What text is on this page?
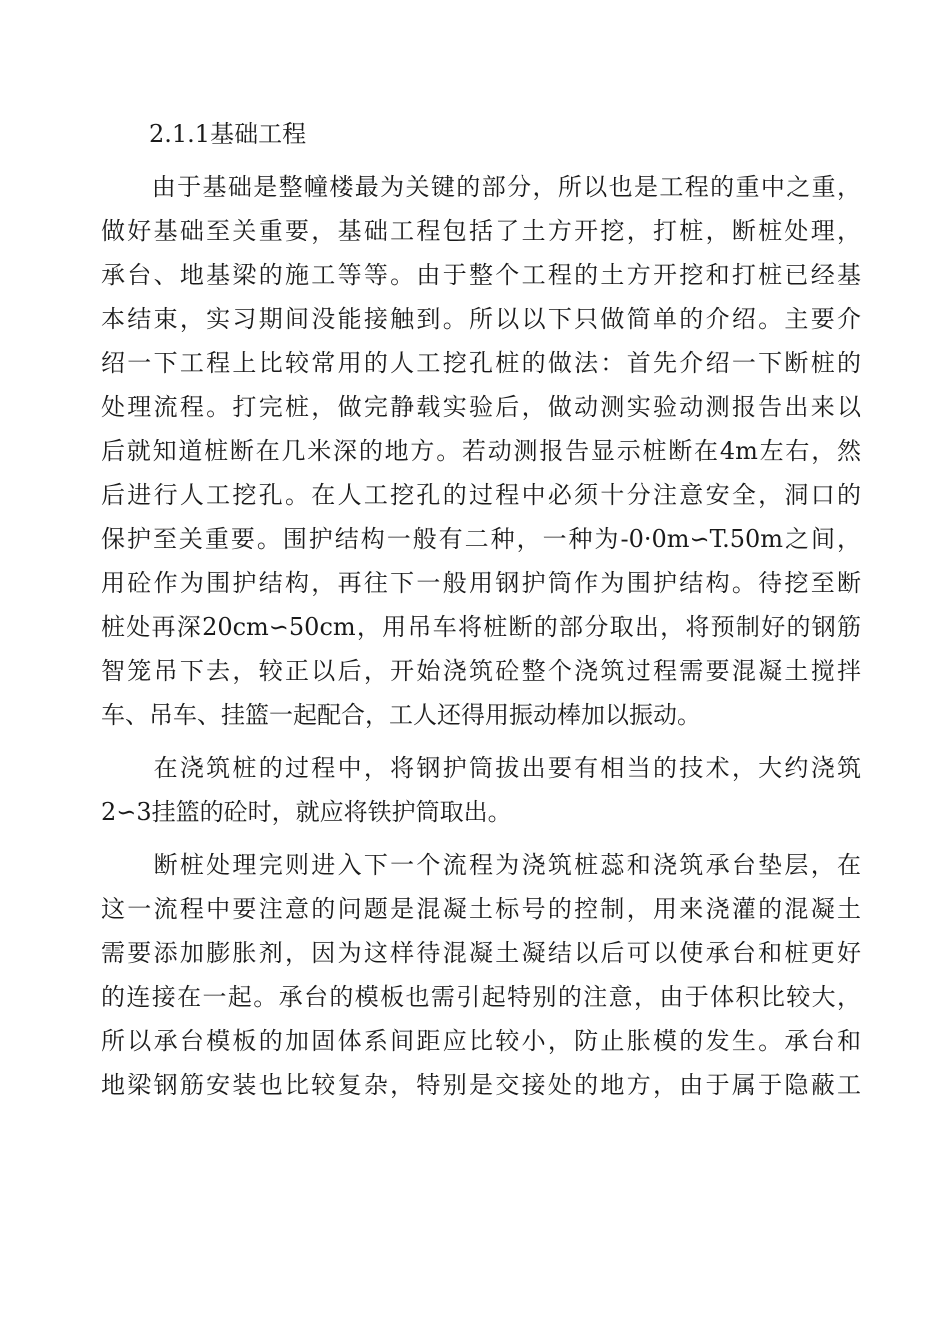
2.1.1基础工程
　　由于基础是整幢楼最为关键的部分，所以也是工程的重中之重，
做好基础至关重要，基础工程包括了土方开挖，打桩，断桩处理，
承台、地基梁的施工等等。由于整个工程的土方开挖和打桩已经基
本结束，实习期间没能接触到。所以以下只做简单的介绍。主要介
绍一下工程上比较常用的人工挖孔桩的做法：首先介绍一下断桩的
处理流程。打完桩，做完静载实验后，做动测实验动测报告出来以
后就知道桩断在几米深的地方。若动测报告显示桩断在4m左右，然
后进行人工挖孔。在人工挖孔的过程中必须十分注意安全，洞口的
保护至关重要。围护结构一般有二种，一种为-0·0m∽T.50m之间，
用砼作为围护结构，再往下一般用钢护筒作为围护结构。待挖至断
桩处再深20cm∽50cm，用吊车将桩断的部分取出，将预制好的钢筋
智笼吊下去，较正以后，开始浇筑砼整个浇筑过程需要混凝土搅拌
车、吊车、挂篮一起配合，工人还得用振动棒加以振动。
　　在浇筑桩的过程中，将钢护筒拔出要有相当的技术，大约浇筑
2∽3挂篮的砼时，就应将铁护筒取出。
　　断桩处理完则进入下一个流程为浇筑桩蕊和浇筑承台垫层，在
这一流程中要注意的问题是混凝土标号的控制，用来浇灌的混凝土
需要添加膨胀剂，因为这样待混凝土凝结以后可以使承台和桩更好
的连接在一起。承台的模板也需引起特别的注意，由于体积比较大，
所以承台模板的加固体系间距应比较小，防止胀模的发生。承台和
地梁钢筋安装也比较复杂，特别是交接处的地方，由于属于隐蔽工
